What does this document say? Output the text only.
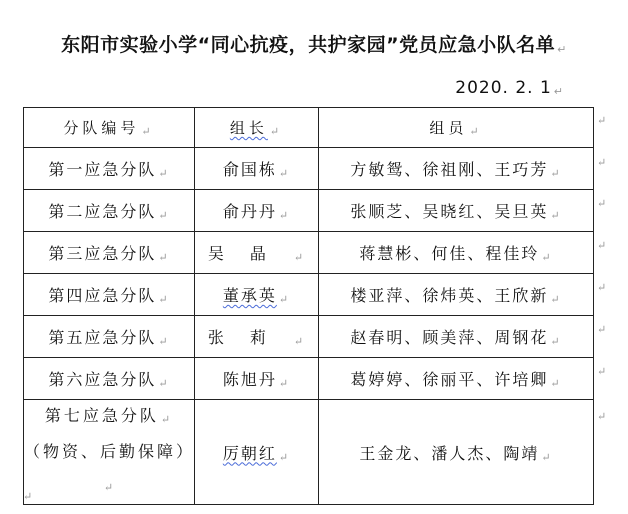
东阳市实验小学“同心抗疫，共护家园”党员应急小队名单 ↵
2020. 2. 1 ↵
分队编号 ↵	组长 ↵	组员 ↵
第一应急分队 ↵	俞国栋 ↵	方敏鸳、徐祖刚、王巧芳 ↵
第二应急分队 ↵	俞丹丹 ↵	张顺芝、吴晓红、吴旦英 ↵
第三应急分队 ↵	吴晶 ↵	蒋慧彬、何佳、程佳玲 ↵
第四应急分队 ↵	董承英 ↵	楼亚萍、徐炜英、王欣新 ↵
第五应急分队 ↵	张莉 ↵	赵春明、顾美萍、周钢花 ↵
第六应急分队 ↵	陈旭丹 ↵	葛婷婷、徐丽平、许培卿 ↵
第七应急分队 ↵
（物资、后勤保障）↵	厉朝红 ↵	王金龙、潘人杰、陶靖 ↵
↵
↵
↵
↵
↵
↵
↵
↵
↵
